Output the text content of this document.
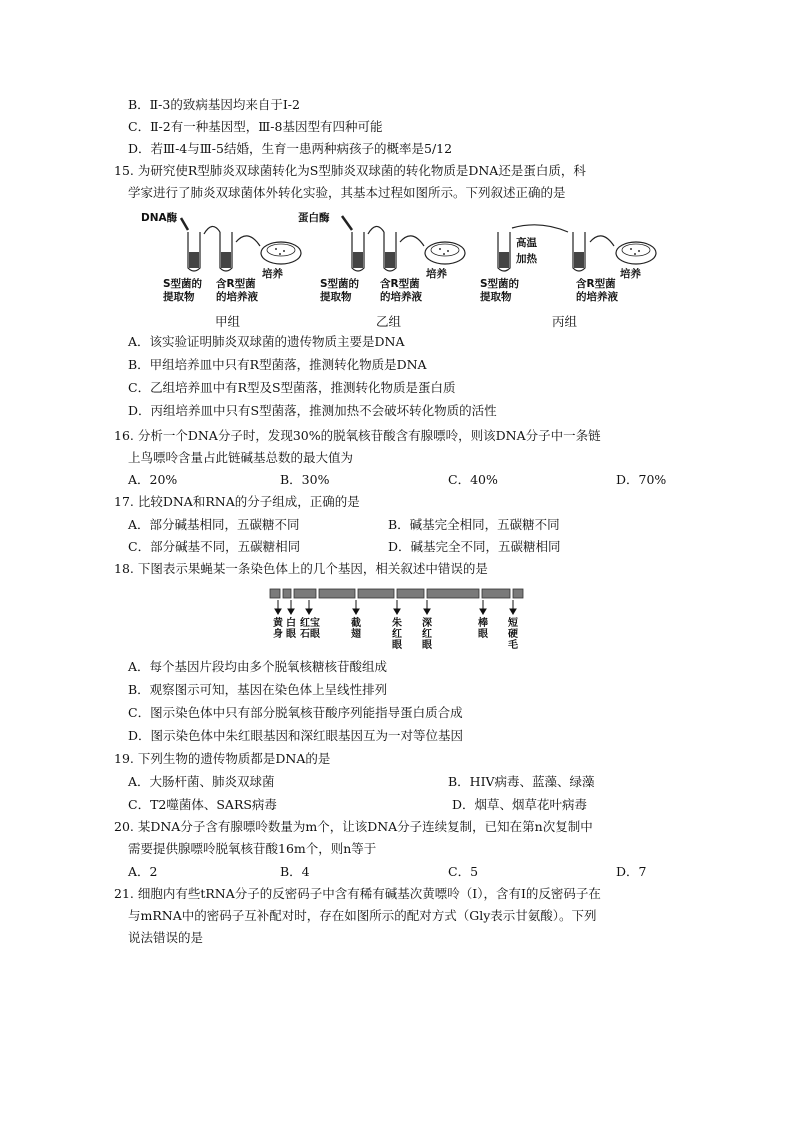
B．Ⅱ-3的致病基因均来自于Ⅰ-2
C．Ⅱ-2有一种基因型，Ⅲ-8基因型有四种可能
D．若Ⅲ-4与Ⅲ-5结婚，生育一患两种病孩子的概率是5/12
15. 为研究使R型肺炎双球菌转化为S型肺炎双球菌的转化物质是DNA还是蛋白质，科
学家进行了肺炎双球菌体外转化实验，其基本过程如图所示。下列叙述正确的是
DNA酶
S型菌的
提取物
含R型菌
的培养液
培养
甲组
蛋白酶
S型菌的
提取物
含R型菌
的培养液
培养
乙组
高温
加热
S型菌的
提取物
含R型菌
的培养液
培养
丙组
A．该实验证明肺炎双球菌的遗传物质主要是DNA
B．甲组培养皿中只有R型菌落，推测转化物质是DNA
C．乙组培养皿中有R型及S型菌落，推测转化物质是蛋白质
D．丙组培养皿中只有S型菌落，推测加热不会破坏转化物质的活性
16. 分析一个DNA分子时，发现30%的脱氧核苷酸含有腺嘌呤，则该DNA分子中一条链
上鸟嘌呤含量占此链碱基总数的最大值为
A．20%	B．30%	C．40%	D．70%
17. 比较DNA和RNA的分子组成，正确的是
A．部分碱基相同，五碳糖不同	B．碱基完全相同，五碳糖不同
C．部分碱基不同，五碳糖相同	D．碱基完全不同，五碳糖相同
18. 下图表示果蝇某一条染色体上的几个基因，相关叙述中错误的是
黄身
白眼
红宝石眼
截翅
朱红眼
深红眼
棒眼
短硬毛
A．每个基因片段均由多个脱氧核糖核苷酸组成
B．观察图示可知，基因在染色体上呈线性排列
C．图示染色体中只有部分脱氧核苷酸序列能指导蛋白质合成
D．图示染色体中朱红眼基因和深红眼基因互为一对等位基因
19. 下列生物的遗传物质都是DNA的是
A．大肠杆菌、肺炎双球菌	B．HIV病毒、蓝藻、绿藻
C．T2噬菌体、SARS病毒	D．烟草、烟草花叶病毒
20. 某DNA分子含有腺嘌呤数量为m个，让该DNA分子连续复制，已知在第n次复制中
需要提供腺嘌呤脱氧核苷酸16m个，则n等于
A．2	B．4	C．5	D．7
21. 细胞内有些tRNA分子的反密码子中含有稀有碱基次黄嘌呤（I），含有I的反密码子在
与mRNA中的密码子互补配对时，存在如图所示的配对方式（Gly表示甘氨酸）。下列
说法错误的是
